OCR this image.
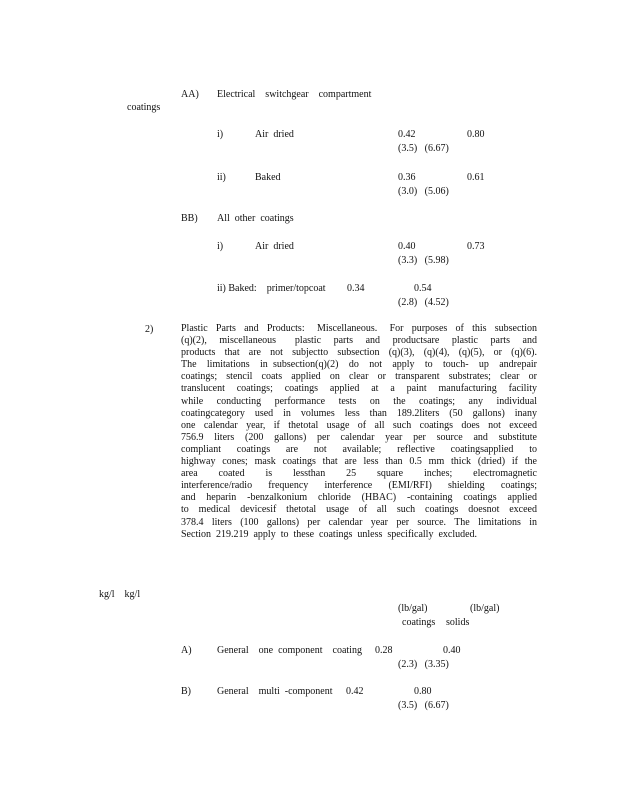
AA) Electrical    switchgear    compartment
coatings
i)	Air  dried	0.42	0.80
(3.5)   (6.67)
ii)	Baked	0.36	0.61
(3.0)   (5.06)
BB) All  other  coatings
i)	Air  dried	0.40	0.73
(3.3)   (5.98)
ii) Baked:    primer/topcoat 0.34	0.54
(2.8)   (4.52)
2)	Plastic  Parts  and  Products:   Miscellaneous.   For  purposes  of  this  subsection
(q)(2),  miscellaneous   plastic  parts  and  productsare  plastic  parts  and
products  that  are  not  subjectto  subsection  (q)(3),  (q)(4),  (q)(5),  or  (q)(6).
The  limitations  in subsection(q)(2)  do  not  apply  to  touch-  up  andrepair
coatings;  stencil  coats  applied  on  clear  or  transparent  substrates;  clear  or
translucent  coatings;  coatings  applied  at  a  paint  manufacturing  facility
while  conducting  performance  tests  on  the  coatings;  any  individual
coatingcategory  used  in  volumes  less  than  189.2liters  (50  gallons)  inany
one  calendar  year,  if  thetotal  usage  of  all  such  coatings  does  not  exceed
756.9  liters  (200  gallons)  per  calendar  year  per  source  and  substitute
compliant  coatings  are  not  available;  reflective  coatingsapplied  to
highway  cones;  mask  coatings  that  are  less  than  0.5  mm  thick  (dried)  if  the
area  coated  is  lessthan  25  square  inches;  electromagnetic
interference/radio  frequency  interference  (EMI/RFI)  shielding  coatings;
and  heparin  -benzalkonium  chloride  (HBAC)  -containing  coatings  applied
to  medical  devicesif  thetotal  usage  of  all  such  coatings  doesnot  exceed
378.4  liters  (100  gallons)  per  calendar  year  per  source.  The  limitations  in
Section  219.219  apply  to  these  coatings  unless  specifically  excluded.
kg/l    kg/l
(lb/gal)	(lb/gal)
coatings solids
A)	General    one  component    coating 0.28	0.40
(2.3)   (3.35)
B)	General    multi  -component 0.42	0.80
(3.5)   (6.67)
